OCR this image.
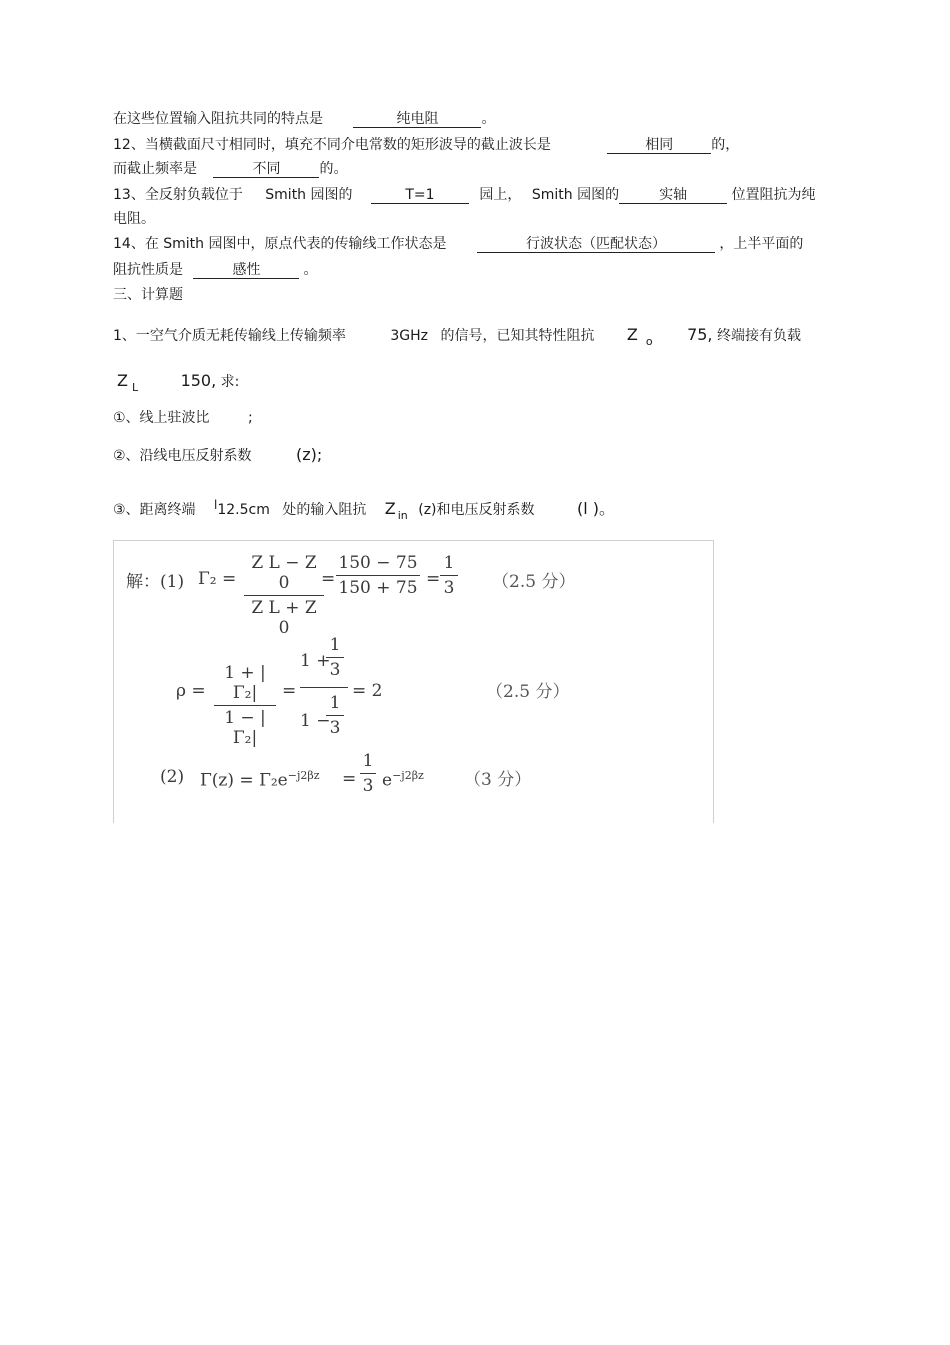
在这些位置输入阻抗共同的特点是	纯电阻	。
12、当横截面尺寸相同时，填充不同介电常数的矩形波导的截止波长是	相同	的，
而截止频率是	不同	的。
13、全反射负载位于 Smith 园图的	T=1	园上， Smith 园图的	实轴	位置阻抗为纯
电阻。
14、在 Smith 园图中，原点代表的传输线工作状态是	行波状态（匹配状态）	，上半平面的
阻抗性质是	感性	。
三、计算题
1、一空气介质无耗传输线上传输频率	3GHz 的信号，已知其特性阻抗 Z $_o$ 75, 终端接有负载
Z $_L$	150, 求:
①、线上驻波比	;
②、沿线电压反射系数	(z);
③、距离终端 l12.5cm 处的输入阻抗 Z $_{in}$ (z)和电压反射系数	(l )。
解：(1) $\Gamma_2 = \frac{\text{Z L − Z 0}}{\text{Z L + Z 0}}$
= $\frac{150 - 75}{150 + 75} = \frac{1}{3} (2.5$ 分）
$\rho = \frac{\text{1 + |Γ₂|}}{\text{1 − |Γ₂|}}$ =
1 +
$\frac{1}{3}$
1 −
$\frac{1}{3}$
= 2	（2.5 分）
(2) $\Gamma(z) = \Gamma_2e^{-j2\beta z} = \frac{1}{3} e^{-j2\beta z}$ （3 分）
